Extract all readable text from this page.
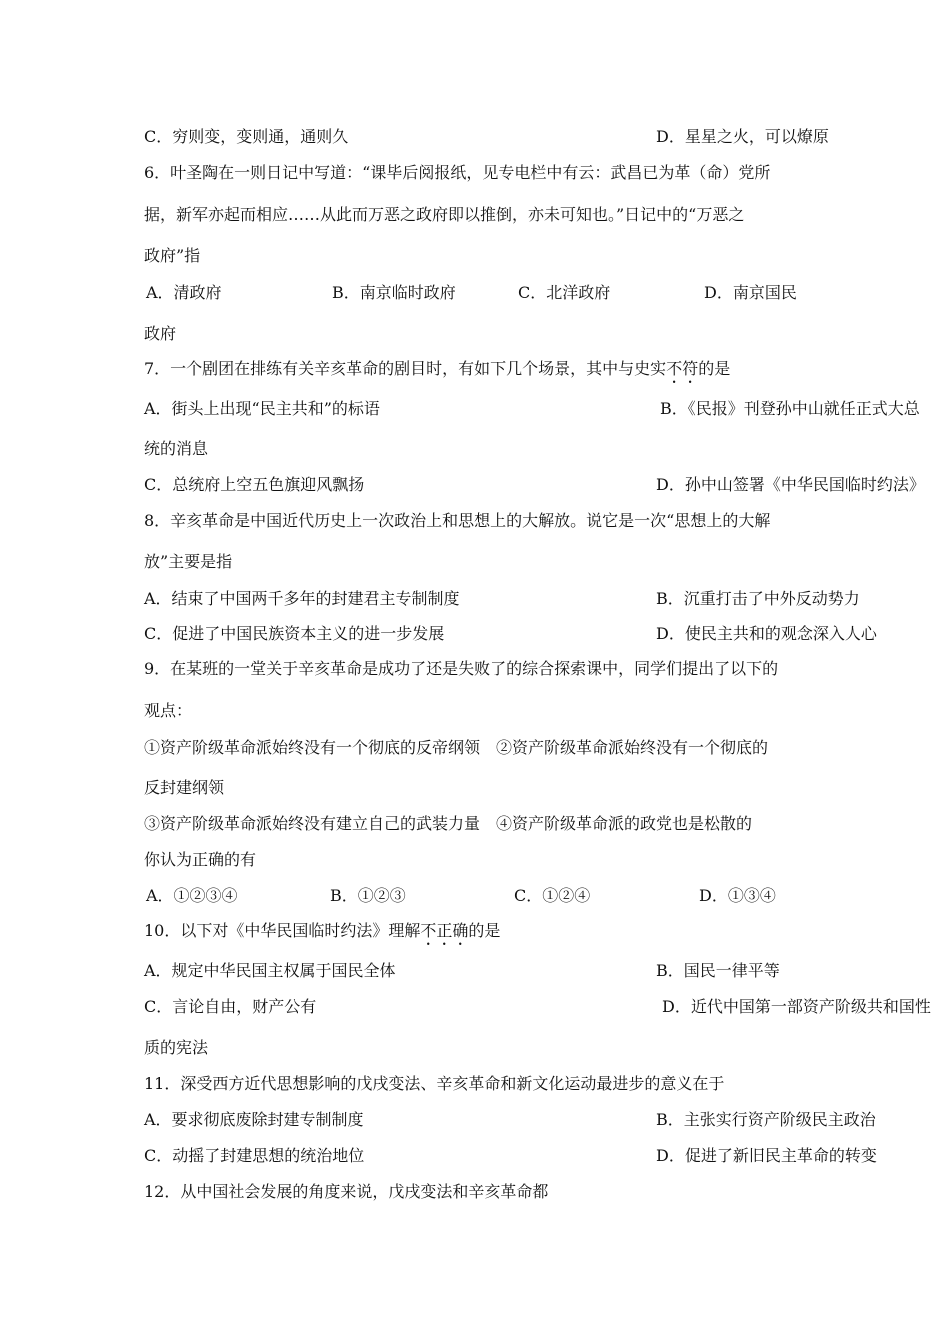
C．穷则变，变则通，通则久	D．星星之火，可以燎原
6．叶圣陶在一则日记中写道：“课毕后阅报纸，见专电栏中有云：武昌已为革（命）党所
据，新军亦起而相应……从此而万恶之政府即以推倒，亦未可知也。”日记中的“万恶之
政府”指
A．清政府	B．南京临时政府	C．北洋政府	D．南京国民
政府
7．一个剧团在排练有关辛亥革命的剧目时，有如下几个场景，其中与史实不符的是
A．街头上出现“民主共和”的标语	B．《民报》刊登孙中山就任正式大总
统的消息
C．总统府上空五色旗迎风飘扬	D．孙中山签署《中华民国临时约法》
8．辛亥革命是中国近代历史上一次政治上和思想上的大解放。说它是一次“思想上的大解
放”主要是指
A．结束了中国两千多年的封建君主专制制度	B．沉重打击了中外反动势力
C．促进了中国民族资本主义的进一步发展	D．使民主共和的观念深入人心
9．在某班的一堂关于辛亥革命是成功了还是失败了的综合探索课中，同学们提出了以下的
观点：
①资产阶级革命派始终没有一个彻底的反帝纲领　②资产阶级革命派始终没有一个彻底的
反封建纲领
③资产阶级革命派始终没有建立自己的武装力量　④资产阶级革命派的政党也是松散的
你认为正确的有
A．①②③④	B．①②③	C．①②④	D．①③④
10．以下对《中华民国临时约法》理解不正确的是
A．规定中华民国主权属于国民全体	B．国民一律平等
C．言论自由，财产公有	D．近代中国第一部资产阶级共和国性
质的宪法
11．深受西方近代思想影响的戊戌变法、辛亥革命和新文化运动最进步的意义在于
A．要求彻底废除封建专制制度	B．主张实行资产阶级民主政治
C．动摇了封建思想的统治地位	D．促进了新旧民主革命的转变
12．从中国社会发展的角度来说，戊戌变法和辛亥革命都
